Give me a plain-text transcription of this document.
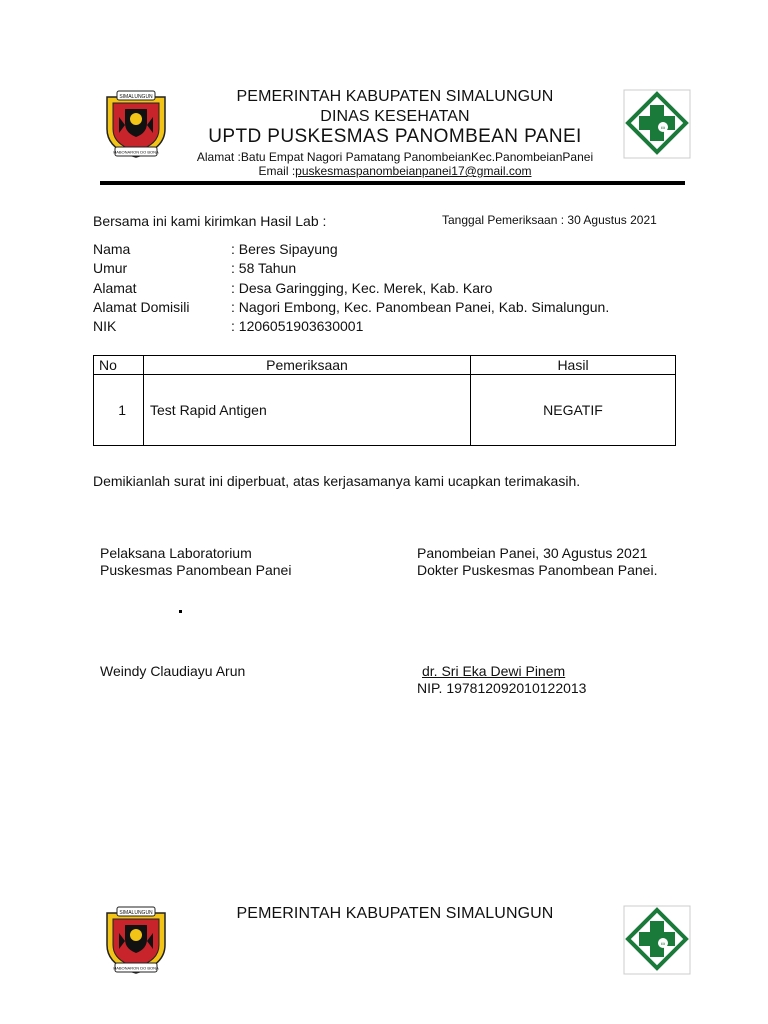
SIMALUNGUN
HABONARON DO BONA
∞
PEMERINTAH KABUPATEN SIMALUNGUN
DINAS KESEHATAN
UPTD PUSKESMAS PANOMBEAN PANEI
Alamat :Batu Empat Nagori Pamatang PanombeianKec.PanombeianPanei
Email :puskesmaspanombeianpanei17@gmail.com
Bersama ini kami kirimkan Hasil Lab :	Tanggal Pemeriksaan : 30 Agustus 2021
Nama	: Beres Sipayung
Umur	: 58 Tahun
Alamat	: Desa Garingging, Kec. Merek, Kab. Karo
Alamat Domisili	: Nagori Embong, Kec. Panombean Panei, Kab. Simalungun.
NIK	: 1206051903630001
No	Pemeriksaan	Hasil
1	Test Rapid Antigen	NEGATIF
Demikianlah surat ini diperbuat, atas kerjasamanya kami ucapkan terimakasih.
Pelaksana Laboratorium
Puskesmas Panombean Panei
Weindy Claudiayu Arun
Panombeian Panei, 30 Agustus 2021
Dokter Puskesmas Panombean Panei.
dr. Sri Eka Dewi Pinem
NIP. 197812092010122013
SIMALUNGUN
HABONARON DO BONA
∞
PEMERINTAH KABUPATEN SIMALUNGUN
